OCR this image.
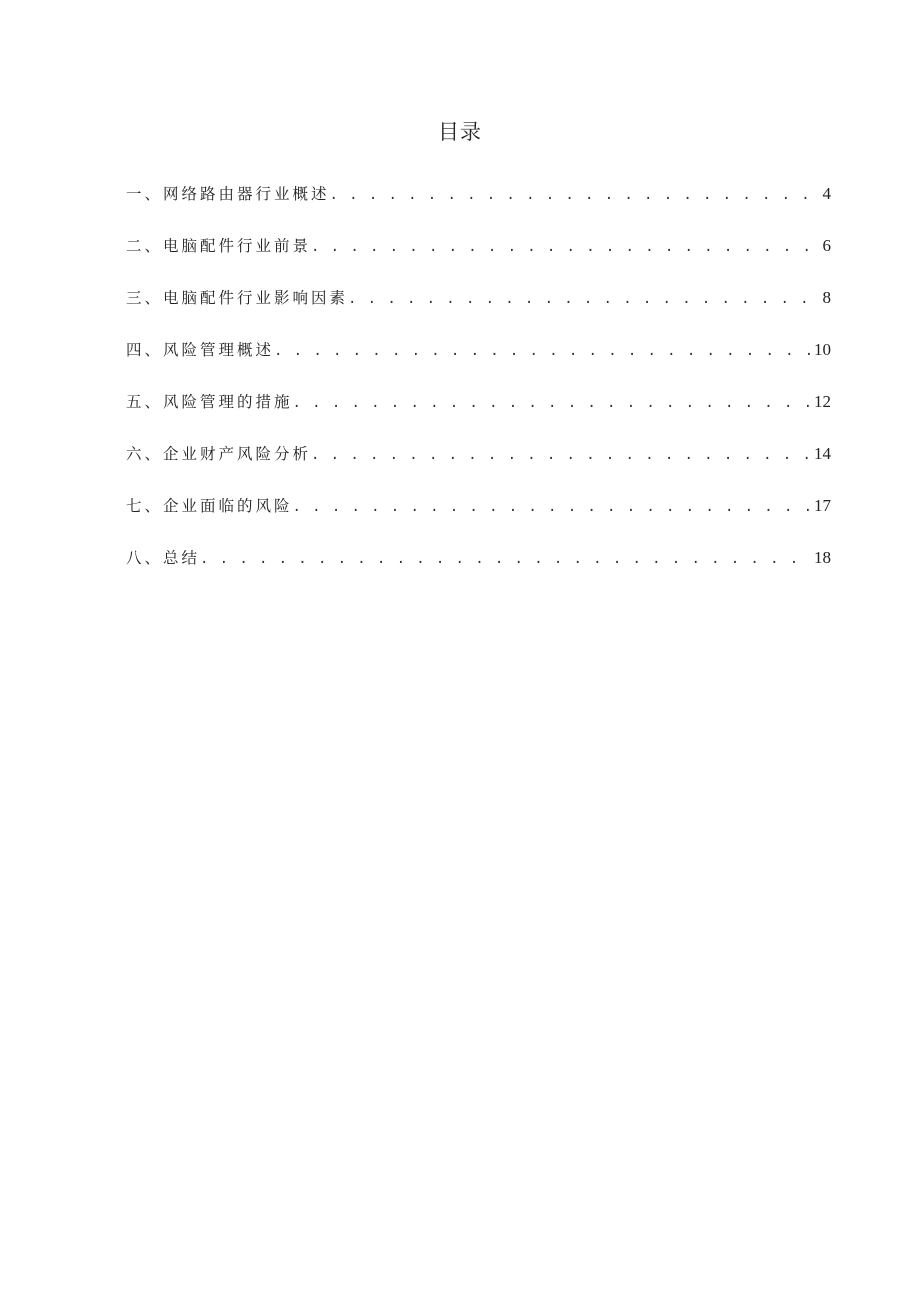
目录
一、网络路由器行业概述 . . .	4
二、电脑配件行业前景 . . .	6
三、电脑配件行业影响因素 . . .	8
四、风险管理概述 . . .	10
五、风险管理的措施 . . .	12
六、企业财产风险分析 . . .	14
七、企业面临的风险 . . .	17
八、总结 . . .	18
